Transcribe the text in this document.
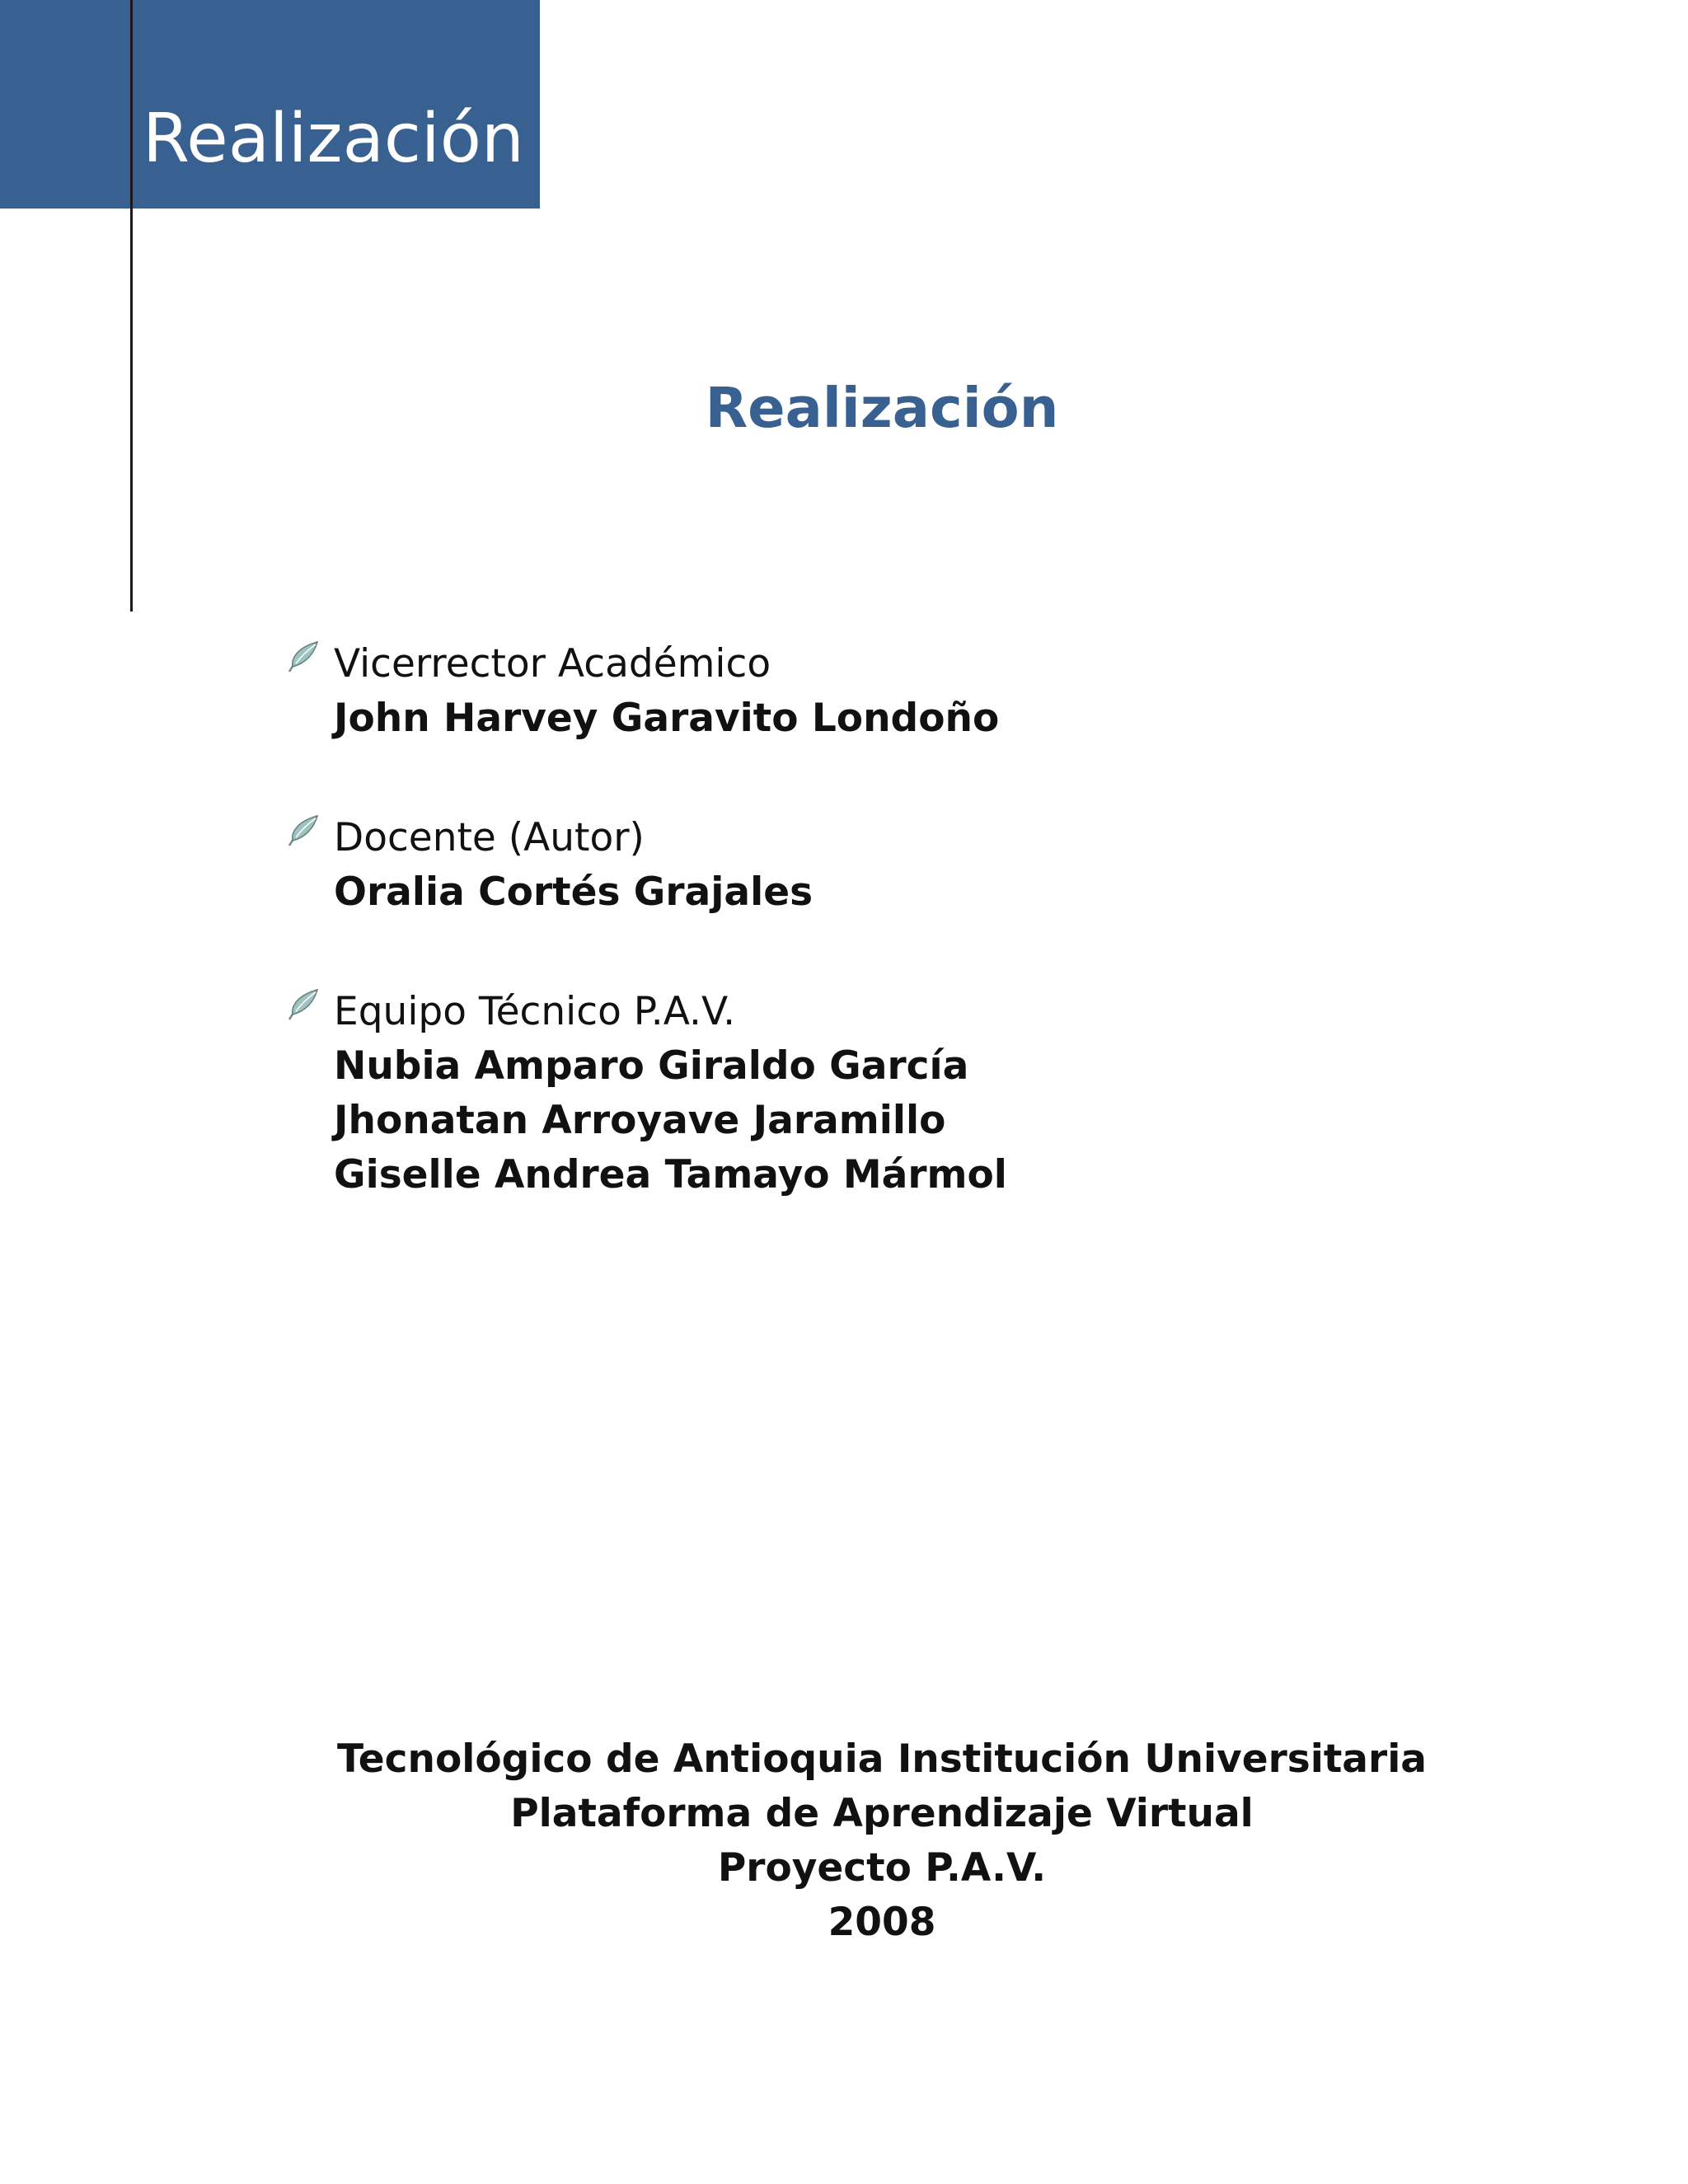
Realización
Realización
Vicerrector Académico
John Harvey Garavito Londoño
Docente (Autor)
Oralia Cortés Grajales
Equipo Técnico P.A.V.
Nubia Amparo Giraldo García
Jhonatan Arroyave Jaramillo
Giselle Andrea Tamayo Mármol
Tecnológico de Antioquia Institución Universitaria
Plataforma de Aprendizaje Virtual
Proyecto P.A.V.
2008
